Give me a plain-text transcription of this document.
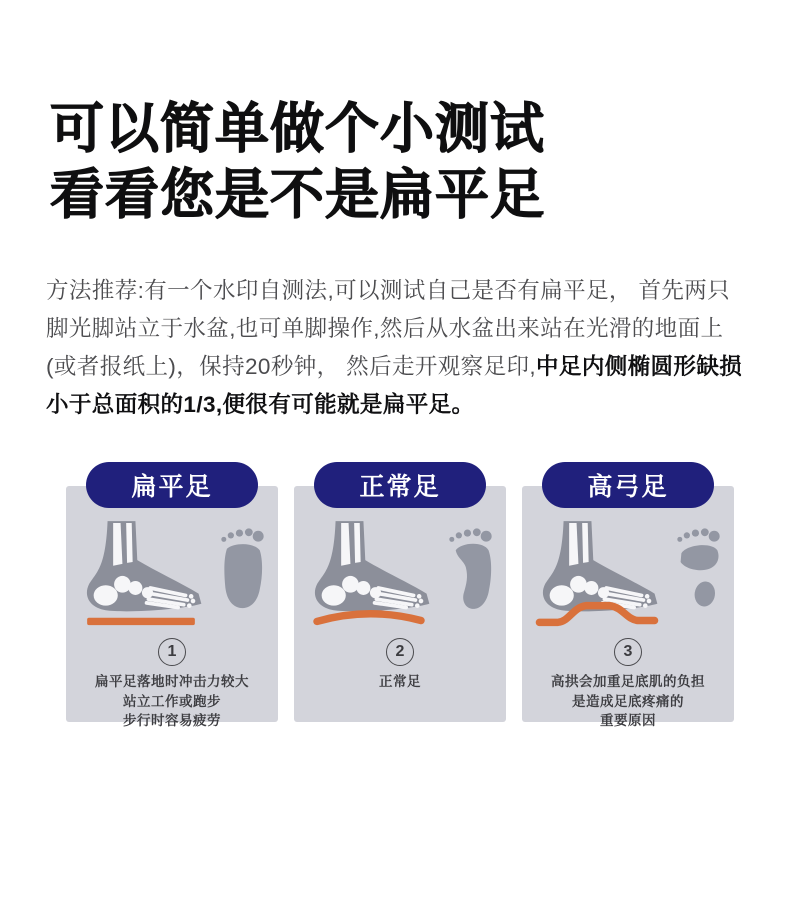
可以简单做个小测试
看看您是不是扁平足

方法推荐:有一个水印自测法,可以测试自己是否有扁平足， 首先两只脚光脚站立于水盆,也可单脚操作,然后从水盆出来站在光滑的地面上(或者报纸上)，保持20秒钟， 然后走开观察足印,中足内侧椭圆形缺损小于总面积的1/3,便很有可能就是扁平足。

扁平足
1
扁平足落地时冲击力较大
站立工作或跑步
步行时容易疲劳
正常足
2
正常足
高弓足
3
高拱会加重足底肌的负担
是造成足底疼痛的
重要原因
